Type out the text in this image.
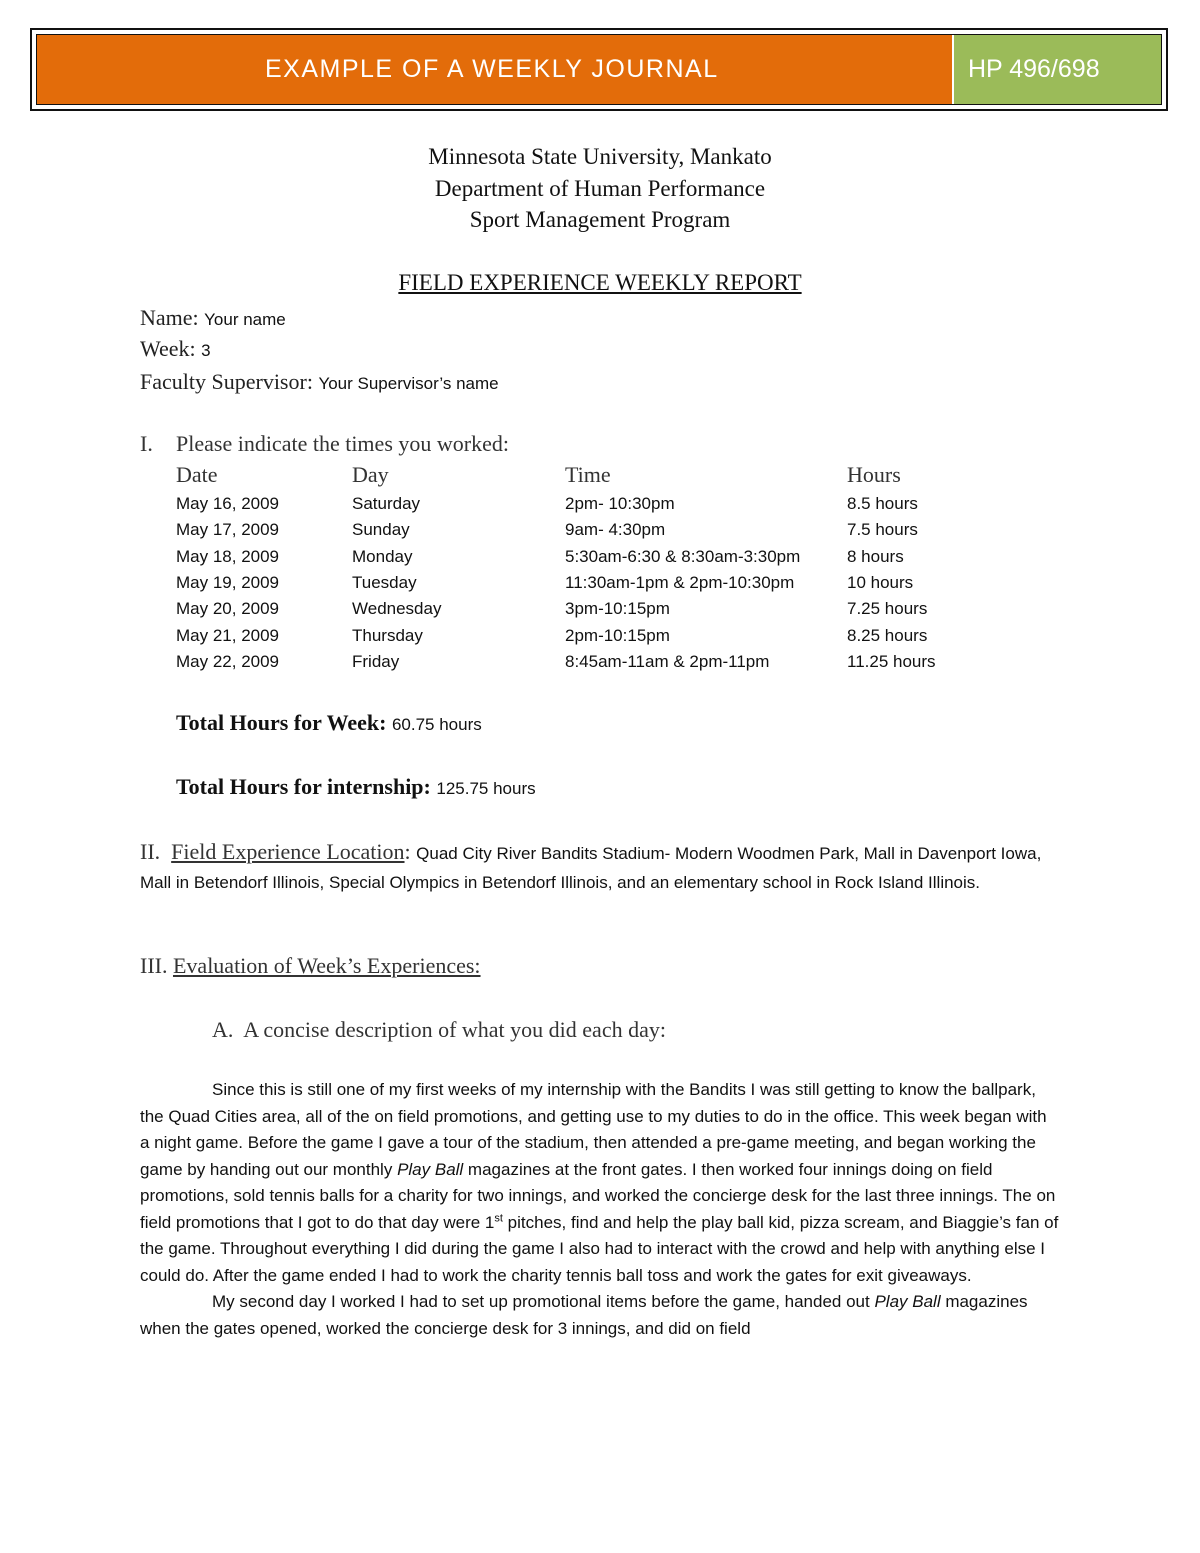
EXAMPLE OF A WEEKLY JOURNAL	HP 496/698
Minnesota State University, Mankato
Department of Human Performance
Sport Management Program
FIELD EXPERIENCE WEEKLY REPORT
Name: Your name
Week: 3
Faculty Supervisor: Your Supervisor’s name
I. Please indicate the times you worked:
Date	Day	Time	Hours
May 16, 2009	Saturday	2pm- 10:30pm	8.5 hours
May 17, 2009	Sunday	9am- 4:30pm	7.5 hours
May 18, 2009	Monday	5:30am-6:30 & 8:30am-3:30pm	8 hours
May 19, 2009	Tuesday	11:30am-1pm & 2pm-10:30pm	10 hours
May 20, 2009	Wednesday	3pm-10:15pm	7.25 hours
May 21, 2009	Thursday	2pm-10:15pm	8.25 hours
May 22, 2009	Friday	8:45am-11am & 2pm-11pm	11.25 hours
Total Hours for Week: 60.75 hours
Total Hours for internship: 125.75 hours
II. Field Experience Location: Quad City River Bandits Stadium- Modern Woodmen Park, Mall in Davenport Iowa, Mall in Betendorf Illinois, Special Olympics in Betendorf Illinois, and an elementary school in Rock Island Illinois.
III. Evaluation of Week’s Experiences:
A. A concise description of what you did each day:

Since this is still one of my first weeks of my internship with the Bandits I was still getting to know the ballpark, the Quad Cities area, all of the on field promotions, and getting use to my duties to do in the office. This week began with a night game. Before the game I gave a tour of the stadium, then attended a pre-game meeting, and began working the game by handing out our monthly Play Ball magazines at the front gates. I then worked four innings doing on field promotions, sold tennis balls for a charity for two innings, and worked the concierge desk for the last three innings. The on field promotions that I got to do that day were 1st pitches, find and help the play ball kid, pizza scream, and Biaggie’s fan of the game. Throughout everything I did during the game I also had to interact with the crowd and help with anything else I could do. After the game ended I had to work the charity tennis ball toss and work the gates for exit giveaways.

My second day I worked I had to set up promotional items before the game, handed out Play Ball magazines when the gates opened, worked the concierge desk for 3 innings, and did on field
